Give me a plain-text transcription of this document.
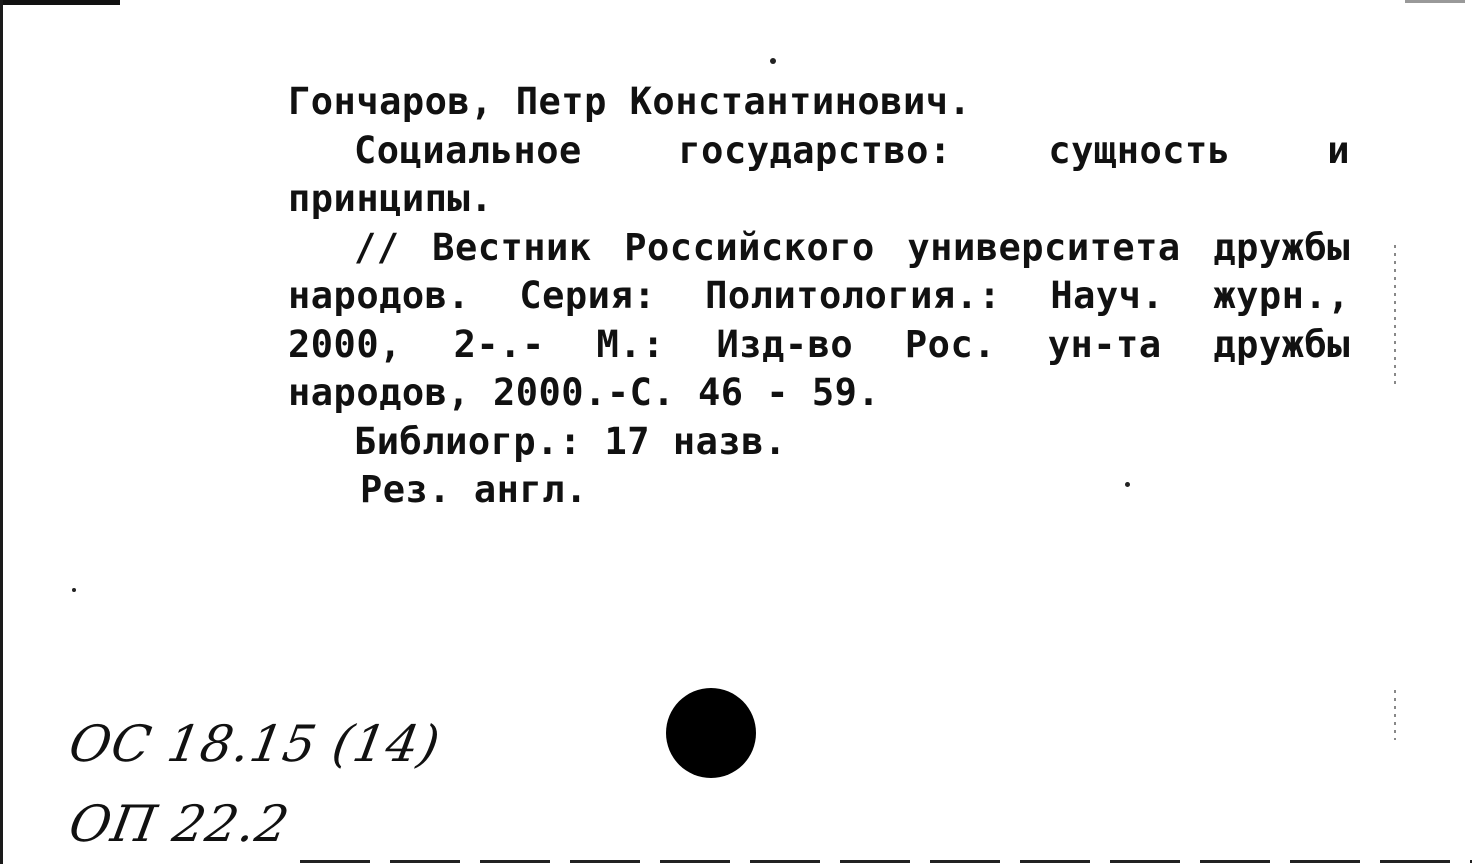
Гончаров, Петр Константинович.
Социальное государство: сущность и
принципы.
// Вестник Российского университета дружбы
народов. Серия: Политология.: Науч. журн.,
2000, 2-.- М.: Изд-во Рос. ун-та дружбы
народов, 2000.-С. 46 - 59.
Библиогр.: 17 назв.
Рез. англ.
ОС 18.15 (14)
ОП 22.2
